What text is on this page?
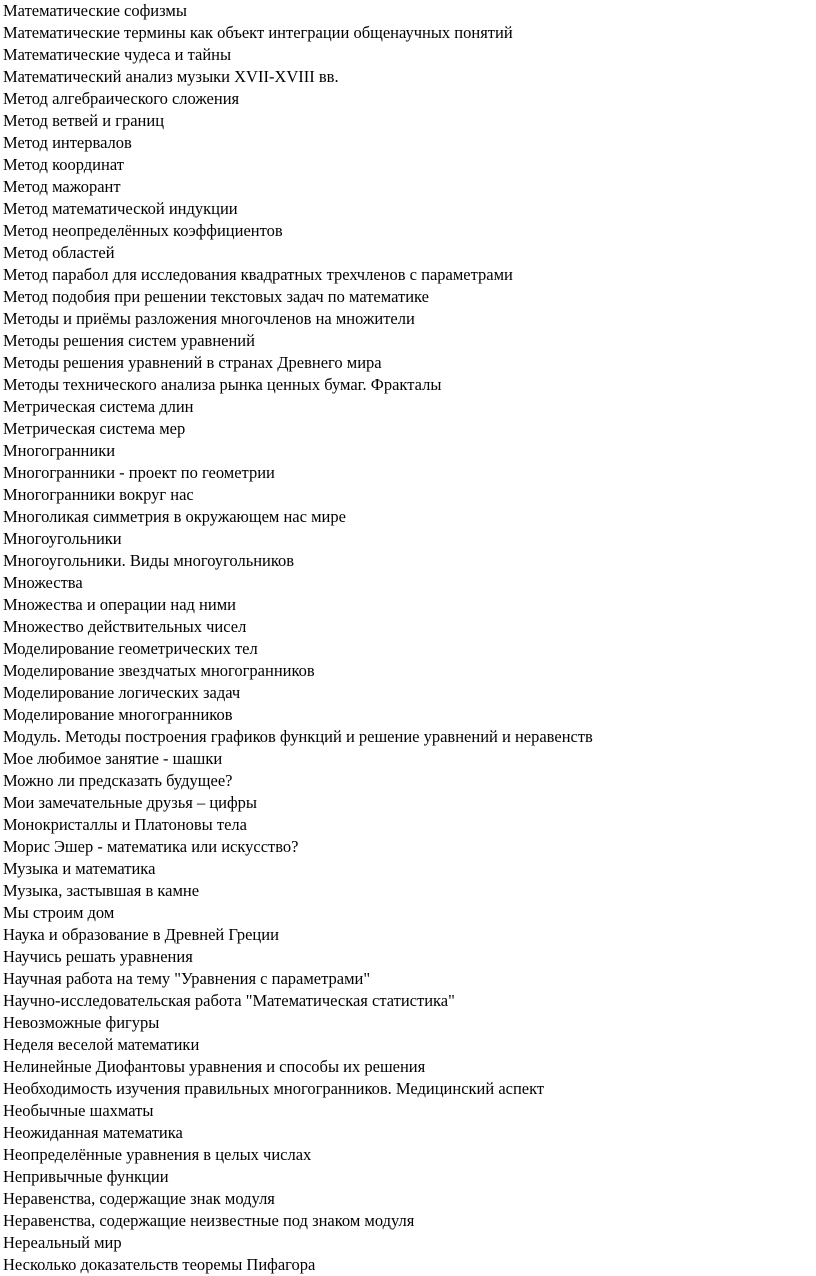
Математические софизмы
Математические термины как объект интеграции общенаучных понятий
Математические чудеса и тайны
Математический анализ музыки XVII-XVIII вв.
Метод алгебраического сложения
Метод ветвей и границ
Метод интервалов
Метод координат
Метод мажорант
Метод математической индукции
Метод неопределённых коэффициентов
Метод областей
Метод парабол для исследования квадратных трехчленов с параметрами
Метод подобия при решении текстовых задач по математике
Методы и приёмы разложения многочленов на множители
Методы решения систем уравнений
Методы решения уравнений в странах Древнего мира
Методы технического анализа рынка ценных бумаг. Фракталы
Метрическая система длин
Метрическая система мер
Многогранники
Многогранники - проект по геометрии
Многогранники вокруг нас
Многоликая симметрия в окружающем нас мире
Многоугольники
Многоугольники. Виды многоугольников
Множества
Множества и операции над ними
Множество действительных чисел
Моделирование геометрических тел
Моделирование звездчатых многогранников
Моделирование логических задач
Моделирование многогранников
Модуль. Методы построения графиков функций и решение уравнений и неравенств
Мое любимое занятие - шашки
Можно ли предсказать будущее?
Мои замечательные друзья – цифры
Монокристаллы и Платоновы тела
Морис Эшер - математика или искусство?
Музыка и математика
Музыка, застывшая в камне
Мы строим дом
Наука и образование в Древней Греции
Научись решать уравнения
Научная работа на тему "Уравнения с параметрами"
Научно-исследовательская работа "Математическая статистика"
Невозможные фигуры
Неделя веселой математики
Нелинейные Диофантовы уравнения и способы их решения
Необходимость изучения правильных многогранников. Медицинский аспект
Необычные шахматы
Неожиданная математика
Неопределённые уравнения в целых числах
Непривычные функции
Неравенства, содержащие знак модуля
Неравенства, содержащие неизвестные под знаком модуля
Нереальный мир
Несколько доказательств теоремы Пифагора
